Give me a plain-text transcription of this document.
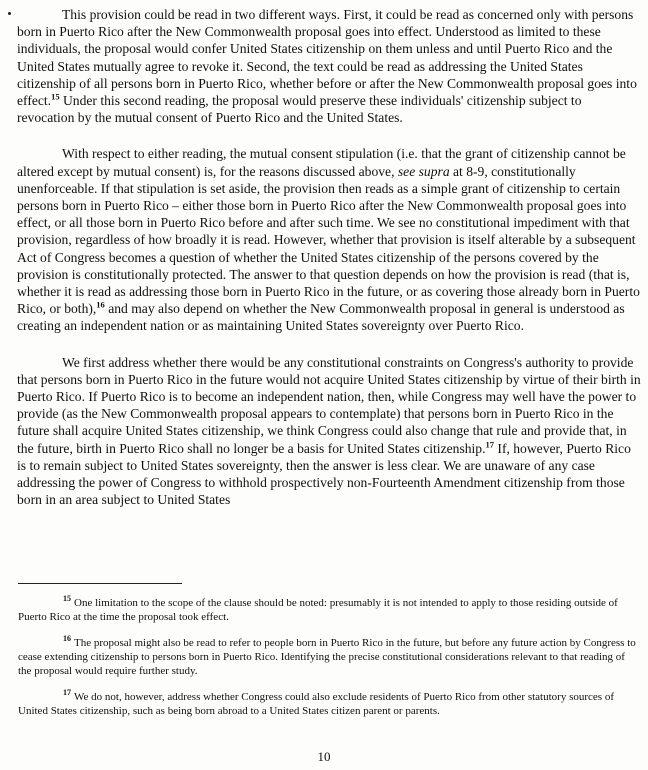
This provision could be read in two different ways. First, it could be read as concerned only with persons born in Puerto Rico after the New Commonwealth proposal goes into effect. Understood as limited to these individuals, the proposal would confer United States citizenship on them unless and until Puerto Rico and the United States mutually agree to revoke it. Second, the text could be read as addressing the United States citizenship of all persons born in Puerto Rico, whether before or after the New Commonwealth proposal goes into effect.$^{15}$ Under this second reading, the proposal would preserve these individuals' citizenship subject to revocation by the mutual consent of Puerto Rico and the United States.

With respect to either reading, the mutual consent stipulation (i.e. that the grant of citizenship cannot be altered except by mutual consent) is, for the reasons discussed above, see supra at 8-9, constitutionally unenforceable. If that stipulation is set aside, the provision then reads as a simple grant of citizenship to certain persons born in Puerto Rico – either those born in Puerto Rico after the New Commonwealth proposal goes into effect, or all those born in Puerto Rico before and after such time. We see no constitutional impediment with that provision, regardless of how broadly it is read. However, whether that provision is itself alterable by a subsequent Act of Congress becomes a question of whether the United States citizenship of the persons covered by the provision is constitutionally protected. The answer to that question depends on how the provision is read (that is, whether it is read as addressing those born in Puerto Rico in the future, or as covering those already born in Puerto Rico, or both),$^{16}$ and may also depend on whether the New Commonwealth proposal in general is understood as creating an independent nation or as maintaining United States sovereignty over Puerto Rico.

We first address whether there would be any constitutional constraints on Congress's authority to provide that persons born in Puerto Rico in the future would not acquire United States citizenship by virtue of their birth in Puerto Rico. If Puerto Rico is to become an independent nation, then, while Congress may well have the power to provide (as the New Commonwealth proposal appears to contemplate) that persons born in Puerto Rico in the future shall acquire United States citizenship, we think Congress could also change that rule and provide that, in the future, birth in Puerto Rico shall no longer be a basis for United States citizenship.$^{17}$ If, however, Puerto Rico is to remain subject to United States sovereignty, then the answer is less clear. We are unaware of any case addressing the power of Congress to withhold prospectively non-Fourteenth Amendment citizenship from those born in an area subject to United States

$^{15}$ One limitation to the scope of the clause should be noted: presumably it is not intended to apply to those residing outside of Puerto Rico at the time the proposal took effect.

$^{16}$ The proposal might also be read to refer to people born in Puerto Rico in the future, but before any future action by Congress to cease extending citizenship to persons born in Puerto Rico. Identifying the precise constitutional considerations relevant to that reading of the proposal would require further study.

$^{17}$ We do not, however, address whether Congress could also exclude residents of Puerto Rico from other statutory sources of United States citizenship, such as being born abroad to a United States citizen parent or parents.

10
